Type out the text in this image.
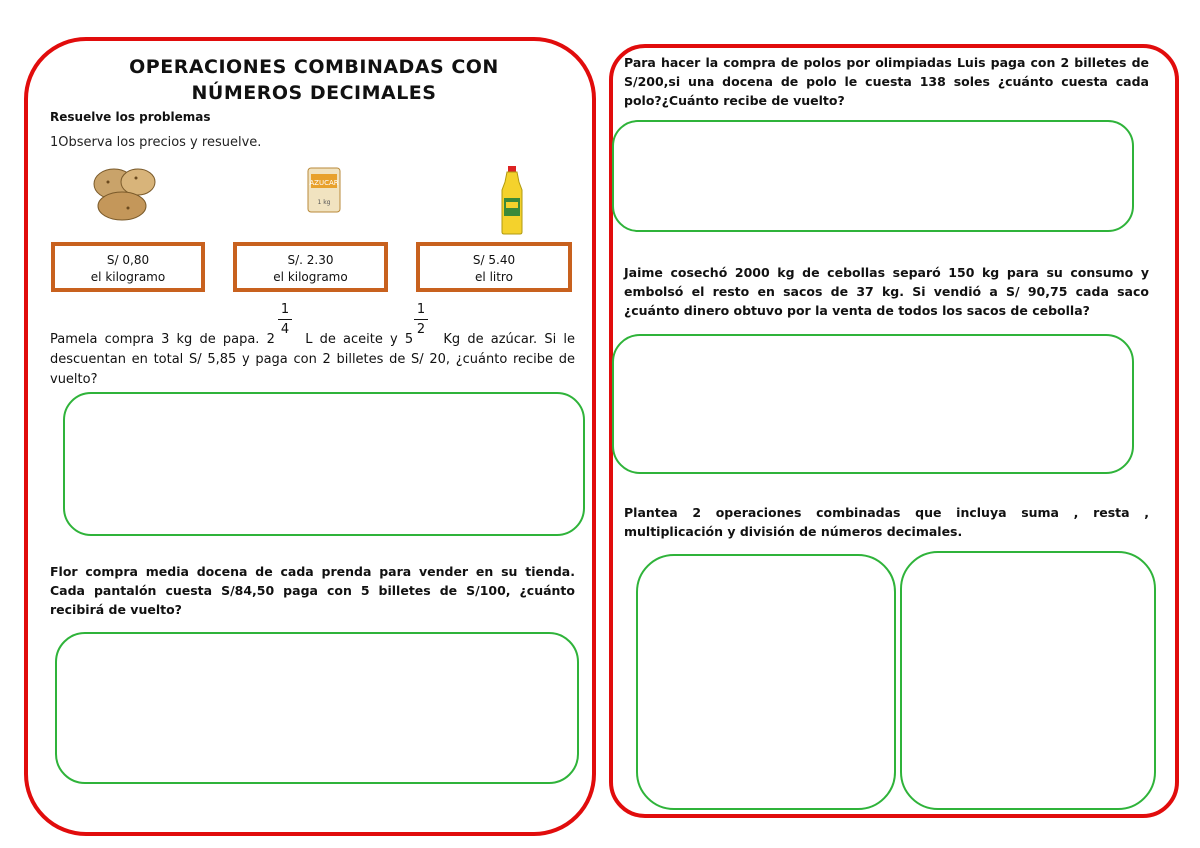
OPERACIONES COMBINADAS CON NÚMEROS DECIMALES
Resuelve los problemas
1Observa los precios y resuelve.
AZUCAR
1 kg
S/ 0,80
el kilogramo
S/. 2.30
el kilogramo
S/ 5.40
el litro
1
4
1
2
Pamela compra 3 kg de papa. 2 L de aceite y 5 Kg de azúcar. Si le descuentan en total S/ 5,85 y paga con 2 billetes de S/ 20, ¿cuánto recibe de vuelto?
Flor compra media docena de cada prenda para vender en su tienda. Cada pantalón cuesta S/84,50 paga con 5 billetes de S/100, ¿cuánto recibirá de vuelto?
Para hacer la compra de polos por olimpiadas Luis paga con 2 billetes de S/200,si una docena de polo le cuesta 138 soles ¿cuánto cuesta cada polo?¿Cuánto recibe de vuelto?
Jaime cosechó 2000 kg de cebollas separó 150 kg para su consumo y embolsó el resto en sacos de 37 kg. Si vendió a S/ 90,75 cada saco ¿cuánto dinero obtuvo por la venta de todos los sacos de cebolla?
Plantea 2 operaciones combinadas que incluya suma , resta , multiplicación y división de números decimales.
